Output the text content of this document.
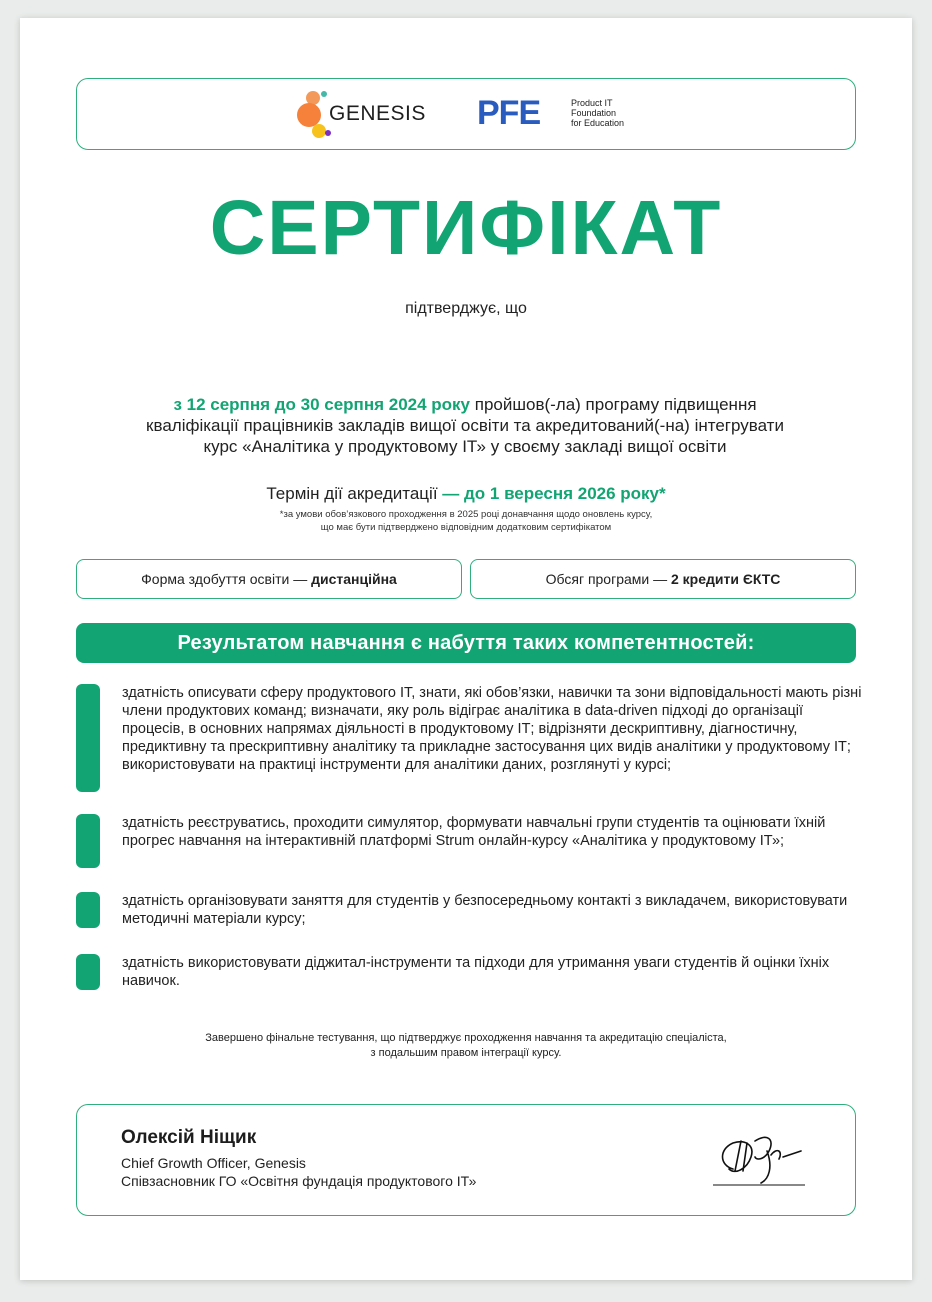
GENESIS PFE	Product IT
Foundation
for Education
СЕРТИФІКАТ
підтверджує, що
з 12 серпня до 30 серпня 2024 року пройшов(-ла) програму підвищення
кваліфікації працівників закладів вищої освіти та акредитований(-на) інтегрувати
курс «Аналітика у продуктовому ІТ» у своєму закладі вищої освіти
Термін дії акредитації — до 1 вересня 2026 року*
*за умови обов’язкового проходження в 2025 році донавчання щодо оновлень курсу,
що має бути підтверджено відповідним додатковим сертифікатом
Форма здобуття освіти —
дистанційна	Обсяг програми —
2 кредити ЄКТС
Результатом навчання є набуття таких компетентностей:
здатність описувати сферу продуктового ІТ, знати, які обов’язки, навички та зони відповідальності мають різні члени продуктових команд; визначати, яку роль відіграє аналітика в data-driven підході до організації процесів, в основних напрямах діяльності в продуктовому ІТ; відрізняти дескриптивну, діагностичну, предиктивну та прескриптивну аналітику та прикладне застосування цих видів аналітики у продуктовому ІТ; використовувати на практиці інструменти для аналітики даних, розглянуті у курсі;
здатність реєструватись, проходити симулятор, формувати навчальні групи студентів та оцінювати їхній прогрес навчання на інтерактивній платформі Strum онлайн-курсу «Аналітика у продуктовому ІТ»;
здатність організовувати заняття для студентів у безпосередньому контакті з викладачем, використовувати методичні матеріали курсу;
здатність використовувати діджитал-інструменти та підходи для утримання уваги студентів й оцінки їхніх навичок.
Завершено фінальне тестування, що підтверджує проходження навчання та акредитацію спеціаліста,
з подальшим правом інтеграції курсу.
Олексій Ніщик
Chief Growth Officer, Genesis
Співзасновник ГО «Освітня фундація продуктового ІТ»
